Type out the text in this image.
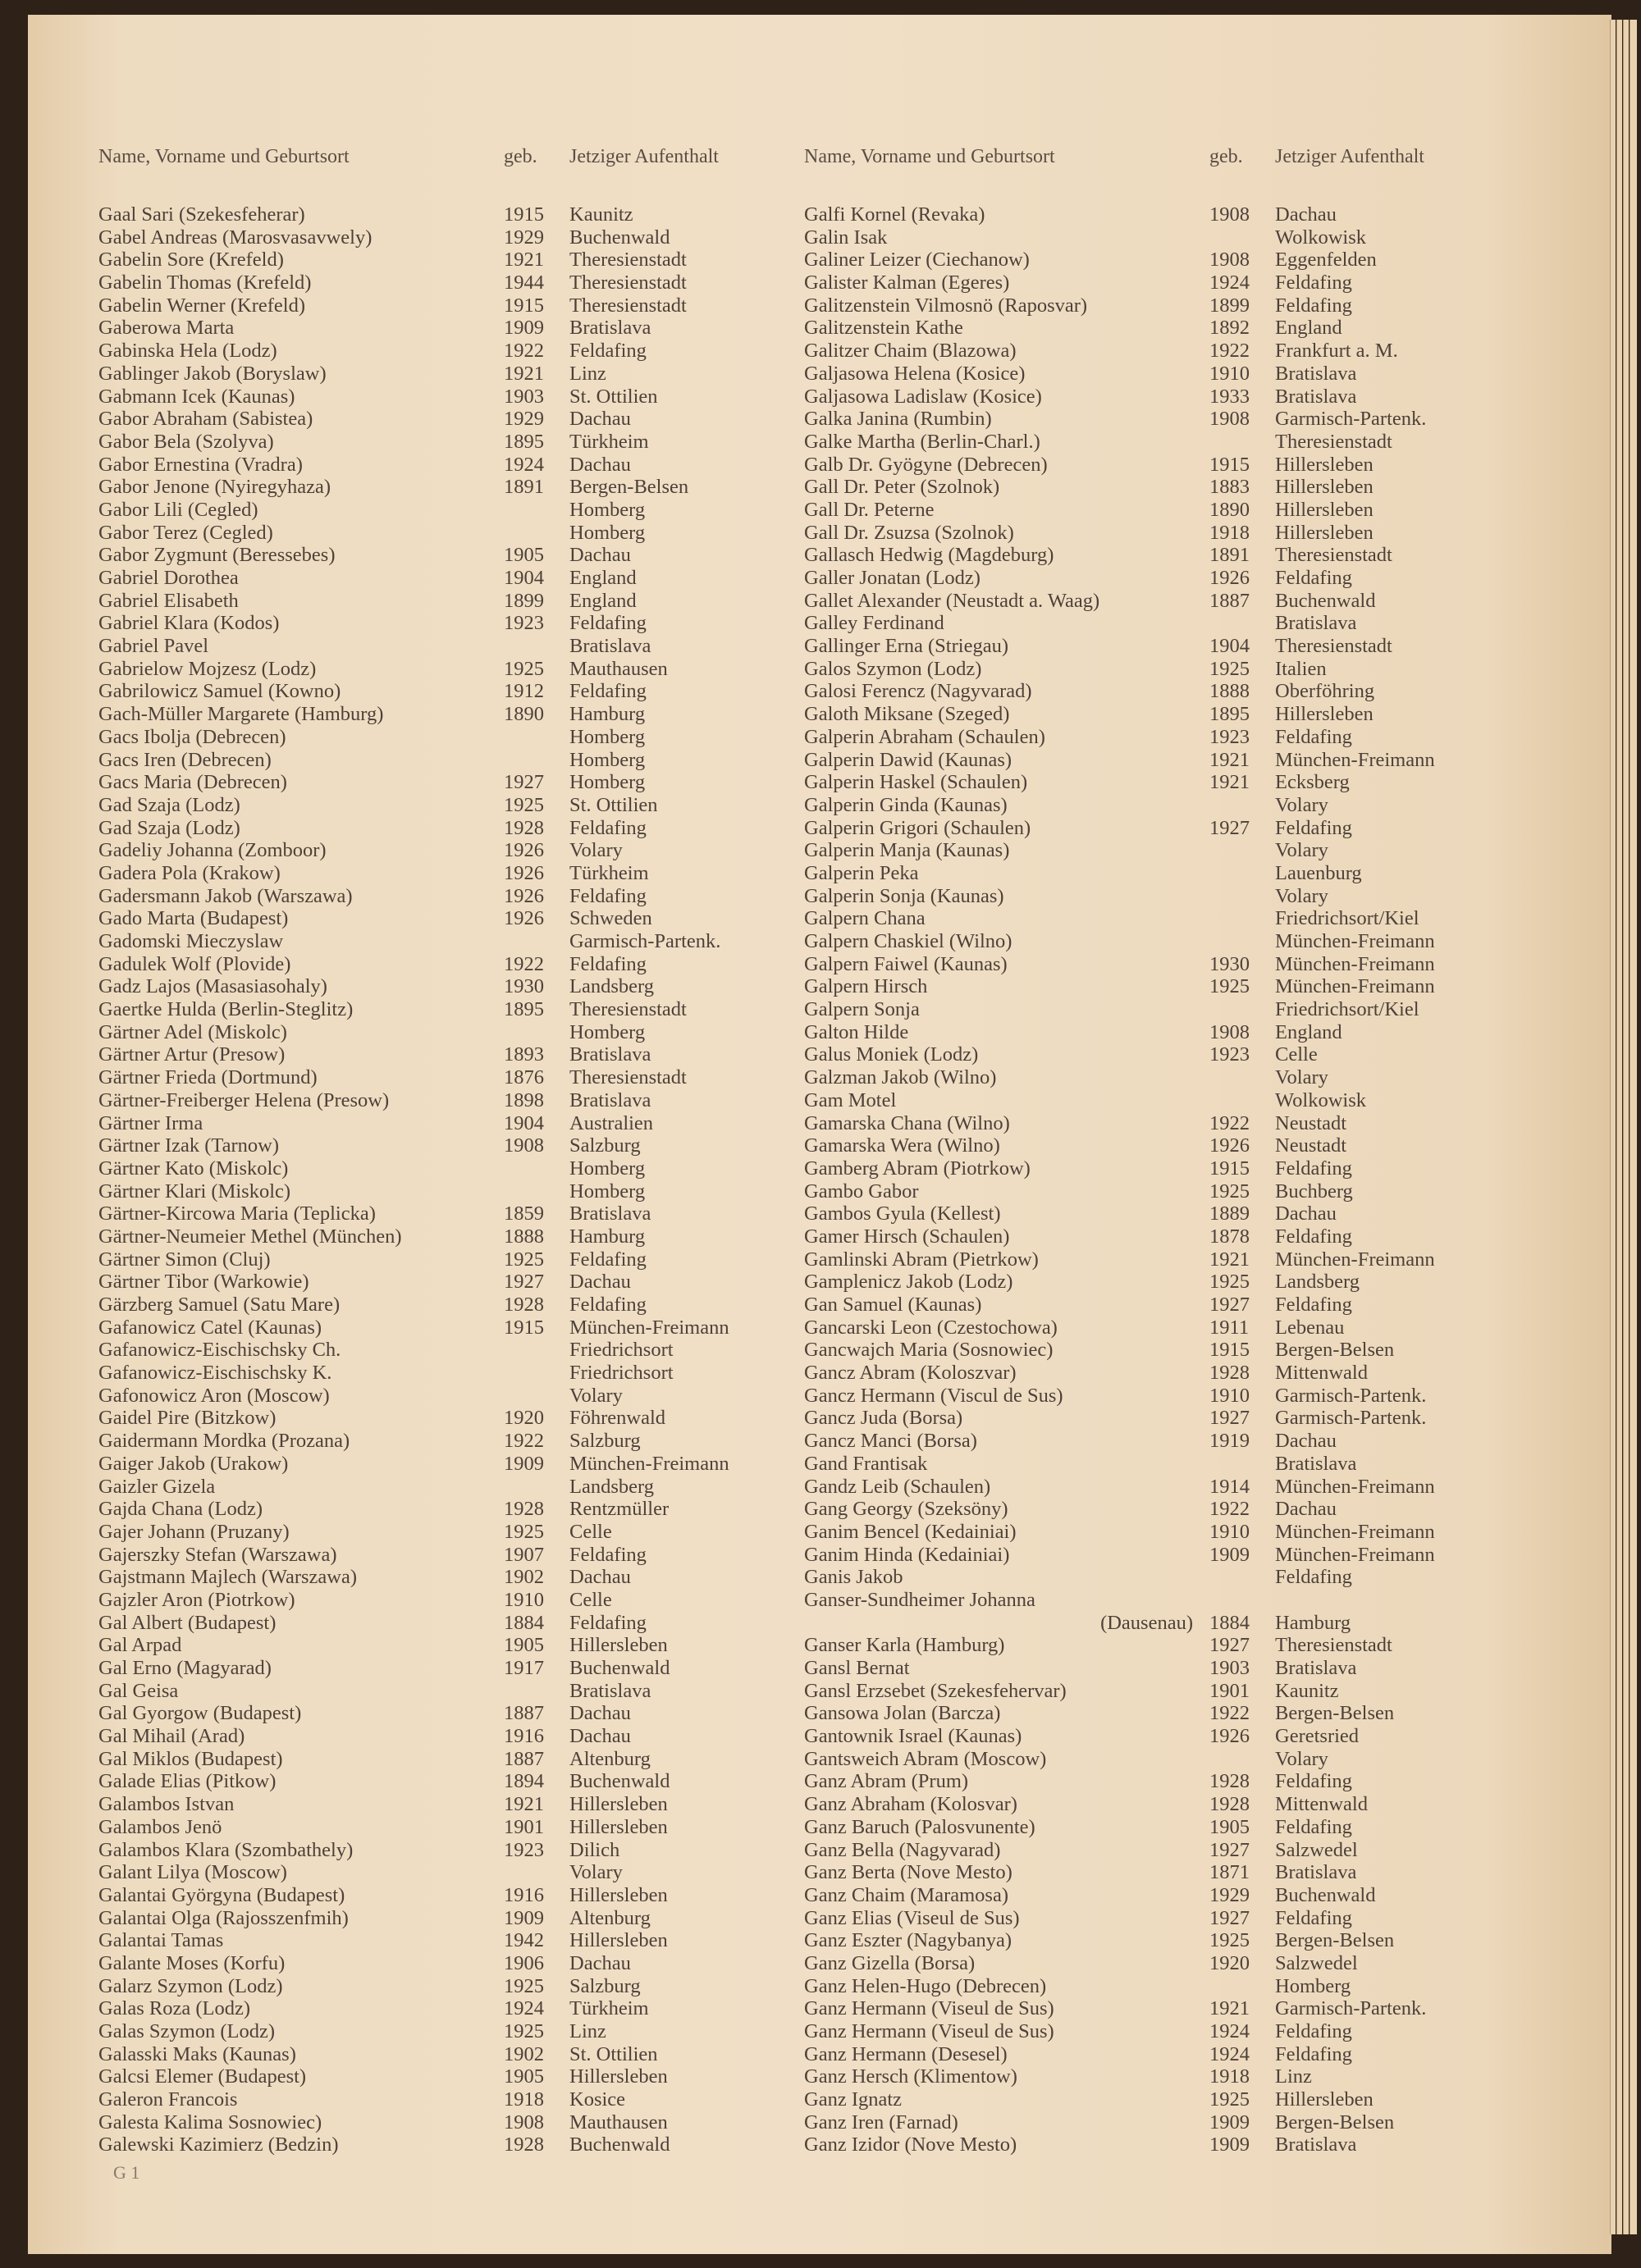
Name, Vorname und Geburtsort	geb. Jetziger Aufenthalt
Gaal Sari (Szekesfeherar)	1915 Kaunitz
Gabel Andreas (Marosvasavwely)	1929 Buchenwald
Gabelin Sore (Krefeld)	1921 Theresienstadt
Gabelin Thomas (Krefeld)	1944 Theresienstadt
Gabelin Werner (Krefeld)	1915 Theresienstadt
Gaberowa Marta	1909 Bratislava
Gabinska Hela (Lodz)	1922 Feldafing
Gablinger Jakob (Boryslaw)	1921 Linz
Gabmann Icek (Kaunas)	1903 St. Ottilien
Gabor Abraham (Sabistea)	1929 Dachau
Gabor Bela (Szolyva)	1895 Türkheim
Gabor Ernestina (Vradra)	1924 Dachau
Gabor Jenone (Nyiregyhaza)	1891 Bergen-Belsen
Gabor Lili (Cegled)	Homberg
Gabor Terez (Cegled)	Homberg
Gabor Zygmunt (Beressebes)	1905 Dachau
Gabriel Dorothea	1904 England
Gabriel Elisabeth	1899 England
Gabriel Klara (Kodos)	1923 Feldafing
Gabriel Pavel	Bratislava
Gabrielow Mojzesz (Lodz)	1925 Mauthausen
Gabrilowicz Samuel (Kowno)	1912 Feldafing
Gach-Müller Margarete (Hamburg)	1890 Hamburg
Gacs Ibolja (Debrecen)	Homberg
Gacs Iren (Debrecen)	Homberg
Gacs Maria (Debrecen)	1927 Homberg
Gad Szaja (Lodz)	1925 St. Ottilien
Gad Szaja (Lodz)	1928 Feldafing
Gadeliy Johanna (Zomboor)	1926 Volary
Gadera Pola (Krakow)	1926 Türkheim
Gadersmann Jakob (Warszawa)	1926 Feldafing
Gado Marta (Budapest)	1926 Schweden
Gadomski Mieczyslaw	Garmisch-Partenk.
Gadulek Wolf (Plovide)	1922 Feldafing
Gadz Lajos (Masasiasohaly)	1930 Landsberg
Gaertke Hulda (Berlin-Steglitz)	1895 Theresienstadt
Gärtner Adel (Miskolc)	Homberg
Gärtner Artur (Presow)	1893 Bratislava
Gärtner Frieda (Dortmund)	1876 Theresienstadt
Gärtner-Freiberger Helena (Presow)	1898 Bratislava
Gärtner Irma	1904 Australien
Gärtner Izak (Tarnow)	1908 Salzburg
Gärtner Kato (Miskolc)	Homberg
Gärtner Klari (Miskolc)	Homberg
Gärtner-Kircowa Maria (Teplicka)	1859 Bratislava
Gärtner-Neumeier Methel (München)	1888 Hamburg
Gärtner Simon (Cluj)	1925 Feldafing
Gärtner Tibor (Warkowie)	1927 Dachau
Gärzberg Samuel (Satu Mare)	1928 Feldafing
Gafanowicz Catel (Kaunas)	1915 München-Freimann
Gafanowicz-Eischischsky Ch.	Friedrichsort
Gafanowicz-Eischischsky K.	Friedrichsort
Gafonowicz Aron (Moscow)	Volary
Gaidel Pire (Bitzkow)	1920 Föhrenwald
Gaidermann Mordka (Prozana)	1922 Salzburg
Gaiger Jakob (Urakow)	1909 München-Freimann
Gaizler Gizela	Landsberg
Gajda Chana (Lodz)	1928 Rentzmüller
Gajer Johann (Pruzany)	1925 Celle
Gajerszky Stefan (Warszawa)	1907 Feldafing
Gajstmann Majlech (Warszawa)	1902 Dachau
Gajzler Aron (Piotrkow)	1910 Celle
Gal Albert (Budapest)	1884 Feldafing
Gal Arpad	1905 Hillersleben
Gal Erno (Magyarad)	1917 Buchenwald
Gal Geisa	Bratislava
Gal Gyorgow (Budapest)	1887 Dachau
Gal Mihail (Arad)	1916 Dachau
Gal Miklos (Budapest)	1887 Altenburg
Galade Elias (Pitkow)	1894 Buchenwald
Galambos Istvan	1921 Hillersleben
Galambos Jenö	1901 Hillersleben
Galambos Klara (Szombathely)	1923 Dilich
Galant Lilya (Moscow)	Volary
Galantai Györgyna (Budapest)	1916 Hillersleben
Galantai Olga (Rajosszenfmih)	1909 Altenburg
Galantai Tamas	1942 Hillersleben
Galante Moses (Korfu)	1906 Dachau
Galarz Szymon (Lodz)	1925 Salzburg
Galas Roza (Lodz)	1924 Türkheim
Galas Szymon (Lodz)	1925 Linz
Galasski Maks (Kaunas)	1902 St. Ottilien
Galcsi Elemer (Budapest)	1905 Hillersleben
Galeron Francois	1918 Kosice
Galesta Kalima Sosnowiec)	1908 Mauthausen
Galewski Kazimierz (Bedzin)	1928 Buchenwald
Name, Vorname und Geburtsort	geb. Jetziger Aufenthalt
Galfi Kornel (Revaka)	1908 Dachau
Galin Isak	Wolkowisk
Galiner Leizer (Ciechanow)	1908 Eggenfelden
Galister Kalman (Egeres)	1924 Feldafing
Galitzenstein Vilmosnö (Raposvar)	1899 Feldafing
Galitzenstein Kathe	1892 England
Galitzer Chaim (Blazowa)	1922 Frankfurt a. M.
Galjasowa Helena (Kosice)	1910 Bratislava
Galjasowa Ladislaw (Kosice)	1933 Bratislava
Galka Janina (Rumbin)	1908 Garmisch-Partenk.
Galke Martha (Berlin-Charl.)	Theresienstadt
Galb Dr. Gyögyne (Debrecen)	1915 Hillersleben
Gall Dr. Peter (Szolnok)	1883 Hillersleben
Gall Dr. Peterne	1890 Hillersleben
Gall Dr. Zsuzsa (Szolnok)	1918 Hillersleben
Gallasch Hedwig (Magdeburg)	1891 Theresienstadt
Galler Jonatan (Lodz)	1926 Feldafing
Gallet Alexander (Neustadt a. Waag)	1887 Buchenwald
Galley Ferdinand	Bratislava
Gallinger Erna (Striegau)	1904 Theresienstadt
Galos Szymon (Lodz)	1925 Italien
Galosi Ferencz (Nagyvarad)	1888 Oberföhring
Galoth Miksane (Szeged)	1895 Hillersleben
Galperin Abraham (Schaulen)	1923 Feldafing
Galperin Dawid (Kaunas)	1921 München-Freimann
Galperin Haskel (Schaulen)	1921 Ecksberg
Galperin Ginda (Kaunas)	Volary
Galperin Grigori (Schaulen)	1927 Feldafing
Galperin Manja (Kaunas)	Volary
Galperin Peka	Lauenburg
Galperin Sonja (Kaunas)	Volary
Galpern Chana	Friedrichsort/Kiel
Galpern Chaskiel (Wilno)	München-Freimann
Galpern Faiwel (Kaunas)	1930 München-Freimann
Galpern Hirsch	1925 München-Freimann
Galpern Sonja	Friedrichsort/Kiel
Galton Hilde	1908 England
Galus Moniek (Lodz)	1923 Celle
Galzman Jakob (Wilno)	Volary
Gam Motel	Wolkowisk
Gamarska Chana (Wilno)	1922 Neustadt
Gamarska Wera (Wilno)	1926 Neustadt
Gamberg Abram (Piotrkow)	1915 Feldafing
Gambo Gabor	1925 Buchberg
Gambos Gyula (Kellest)	1889 Dachau
Gamer Hirsch (Schaulen)	1878 Feldafing
Gamlinski Abram (Pietrkow)	1921 München-Freimann
Gamplenicz Jakob (Lodz)	1925 Landsberg
Gan Samuel (Kaunas)	1927 Feldafing
Gancarski Leon (Czestochowa)	1911 Lebenau
Gancwajch Maria (Sosnowiec)	1915 Bergen-Belsen
Gancz Abram (Koloszvar)	1928 Mittenwald
Gancz Hermann (Viscul de Sus)	1910 Garmisch-Partenk.
Gancz Juda (Borsa)	1927 Garmisch-Partenk.
Gancz Manci (Borsa)	1919 Dachau
Gand Frantisak	Bratislava
Gandz Leib (Schaulen)	1914 München-Freimann
Gang Georgy (Szeksöny)	1922 Dachau
Ganim Bencel (Kedainiai)	1910 München-Freimann
Ganim Hinda (Kedainiai)	1909 München-Freimann
Ganis Jakob	Feldafing
Ganser-Sundheimer Johanna
(Dausenau) 1884 Hamburg
Ganser Karla (Hamburg)	1927 Theresienstadt
Gansl Bernat	1903 Bratislava
Gansl Erzsebet (Szekesfehervar)	1901 Kaunitz
Gansowa Jolan (Barcza)	1922 Bergen-Belsen
Gantownik Israel (Kaunas)	1926 Geretsried
Gantsweich Abram (Moscow)	Volary
Ganz Abram (Prum)	1928 Feldafing
Ganz Abraham (Kolosvar)	1928 Mittenwald
Ganz Baruch (Palosvunente)	1905 Feldafing
Ganz Bella (Nagyvarad)	1927 Salzwedel
Ganz Berta (Nove Mesto)	1871 Bratislava
Ganz Chaim (Maramosa)	1929 Buchenwald
Ganz Elias (Viseul de Sus)	1927 Feldafing
Ganz Eszter (Nagybanya)	1925 Bergen-Belsen
Ganz Gizella (Borsa)	1920 Salzwedel
Ganz Helen-Hugo (Debrecen)	Homberg
Ganz Hermann (Viseul de Sus)	1921 Garmisch-Partenk.
Ganz Hermann (Viseul de Sus)	1924 Feldafing
Ganz Hermann (Desesel)	1924 Feldafing
Ganz Hersch (Klimentow)	1918 Linz
Ganz Ignatz	1925 Hillersleben
Ganz Iren (Farnad)	1909 Bergen-Belsen
Ganz Izidor (Nove Mesto)	1909 Bratislava
G 1
